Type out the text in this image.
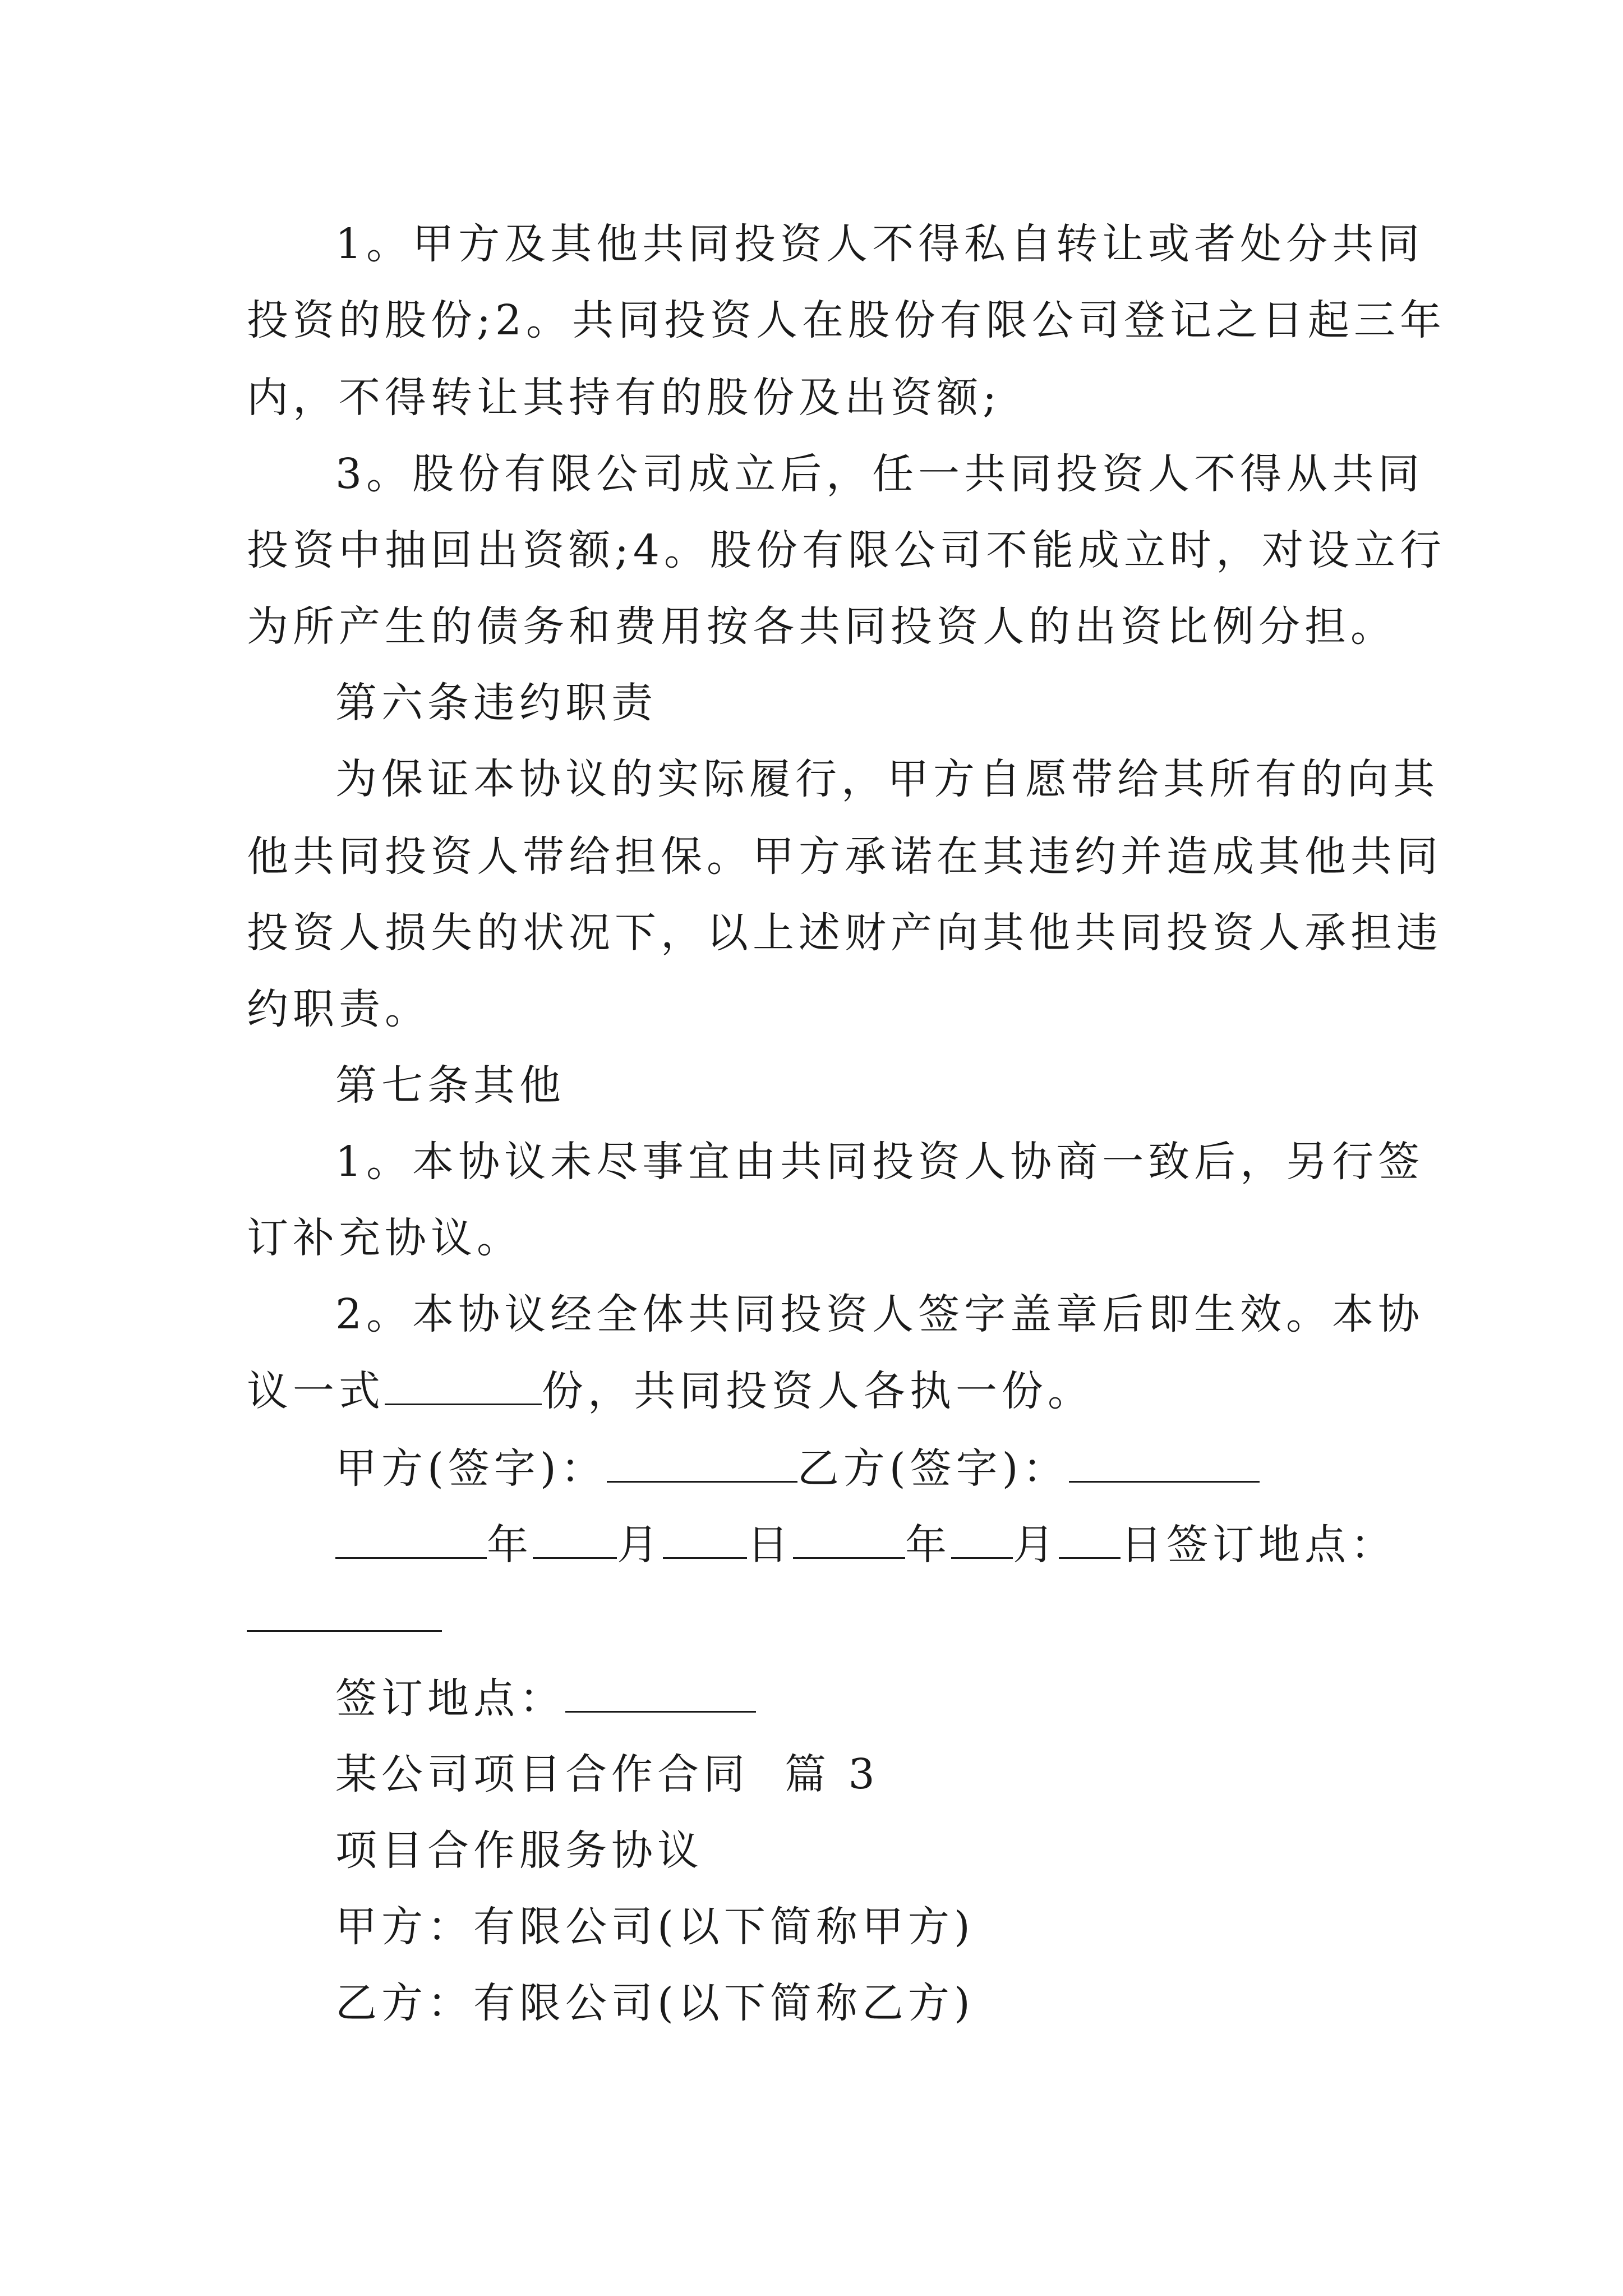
1。甲方及其他共同投资人不得私自转让或者处分共同
投资的股份;2。共同投资人在股份有限公司登记之日起三年
内，不得转让其持有的股份及出资额;
3。股份有限公司成立后，任一共同投资人不得从共同
投资中抽回出资额;4。股份有限公司不能成立时，对设立行
为所产生的债务和费用按各共同投资人的出资比例分担。
第六条违约职责
为保证本协议的实际履行，甲方自愿带给其所有的向其
他共同投资人带给担保。甲方承诺在其违约并造成其他共同
投资人损失的状况下，以上述财产向其他共同投资人承担违
约职责。
第七条其他
1。本协议未尽事宜由共同投资人协商一致后，另行签
订补充协议。
2。本协议经全体共同投资人签字盖章后即生效。本协
议一式	份，共同投资人各执一份。
甲方(签字)：	乙方(签字)：
年 月 日	年 月 日签订地点：
签订地点：
某公司项目合作合同  篇 3
项目合作服务协议
甲方：有限公司(以下简称甲方)
乙方：有限公司(以下简称乙方)
